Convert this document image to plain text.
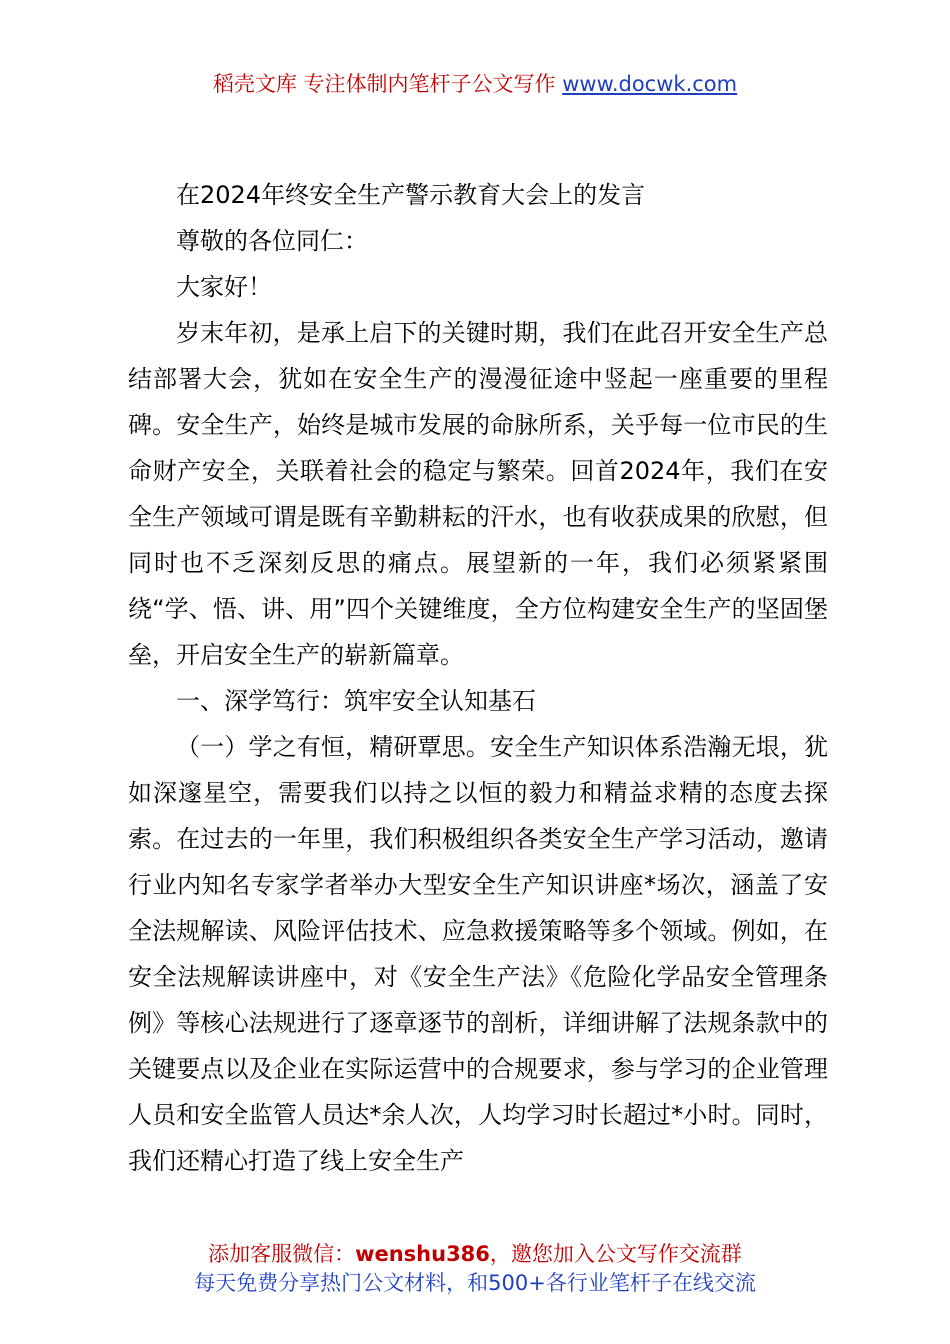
稻壳文库 专注体制内笔杆子公文写作 www.docwk.com

在2024年终安全生产警示教育大会上的发言

尊敬的各位同仁：

大家好！

岁末年初，是承上启下的关键时期，我们在此召开安全生产总结部署大会，犹如在安全生产的漫漫征途中竖起一座重要的里程碑。安全生产，始终是城市发展的命脉所系，关乎每一位市民的生命财产安全，关联着社会的稳定与繁荣。回首2024年，我们在安全生产领域可谓是既有辛勤耕耘的汗水，也有收获成果的欣慰，但同时也不乏深刻反思的痛点。展望新的一年，我们必须紧紧围绕“学、悟、讲、用”四个关键维度，全方位构建安全生产的坚固堡垒，开启安全生产的崭新篇章。

一、深学笃行：筑牢安全认知基石

（一）学之有恒，精研覃思。安全生产知识体系浩瀚无垠，犹如深邃星空，需要我们以持之以恒的毅力和精益求精的态度去探索。在过去的一年里，我们积极组织各类安全生产学习活动，邀请行业内知名专家学者举办大型安全生产知识讲座*场次，涵盖了安全法规解读、风险评估技术、应急救援策略等多个领域。例如，在安全法规解读讲座中，对《安全生产法》《危险化学品安全管理条例》等核心法规进行了逐章逐节的剖析，详细讲解了法规条款中的关键要点以及企业在实际运营中的合规要求，参与学习的企业管理人员和安全监管人员达*余人次，人均学习时长超过*小时。同时，我们还精心打造了线上安全生产

添加客服微信：wenshu386，邀您加入公文写作交流群
每天免费分享热门公文材料，和500+各行业笔杆子在线交流
